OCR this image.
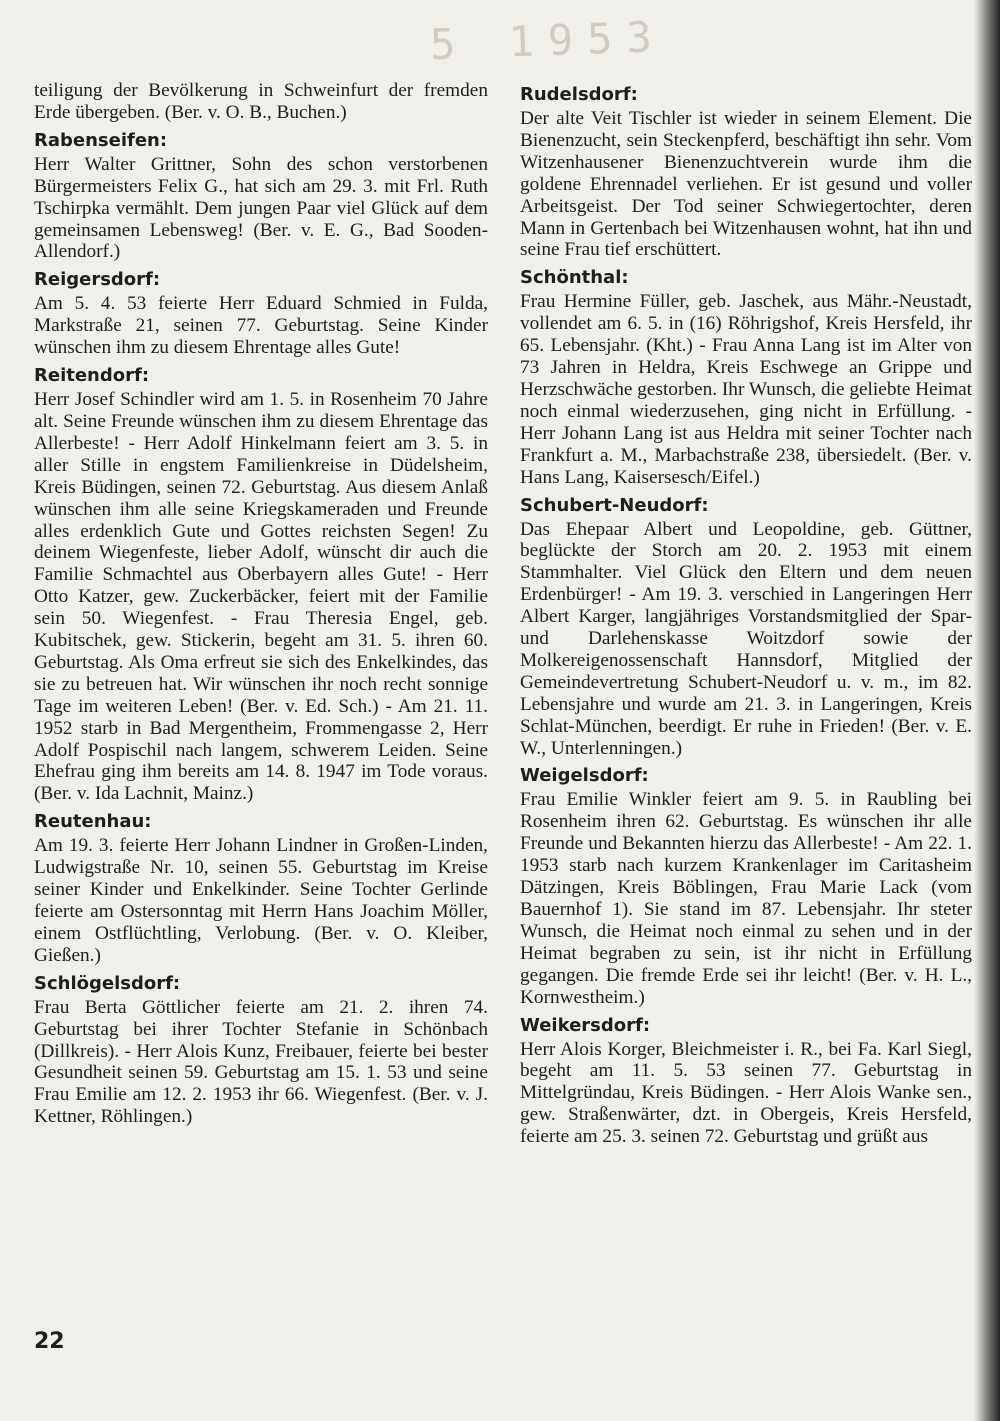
5 1953
teiligung der Bevölkerung in Schweinfurt der fremden Erde übergeben. (Ber. v. O. B., Buchen.)
Rabenseifen:
Herr Walter Grittner, Sohn des schon verstorbenen Bürgermeisters Felix G., hat sich am 29. 3. mit Frl. Ruth Tschirpka vermählt. Dem jungen Paar viel Glück auf dem gemeinsamen Lebensweg! (Ber. v. E. G., Bad Sooden-Allendorf.)
Reigersdorf:
Am 5. 4. 53 feierte Herr Eduard Schmied in Fulda, Markstraße 21, seinen 77. Geburtstag. Seine Kinder wünschen ihm zu diesem Ehrentage alles Gute!
Reitendorf:
Herr Josef Schindler wird am 1. 5. in Rosenheim 70 Jahre alt. Seine Freunde wünschen ihm zu diesem Ehrentage das Allerbeste! - Herr Adolf Hinkelmann feiert am 3. 5. in aller Stille in engstem Familienkreise in Düdelsheim, Kreis Büdingen, seinen 72. Geburtstag. Aus diesem Anlaß wünschen ihm alle seine Kriegskameraden und Freunde alles erdenklich Gute und Gottes reichsten Segen! Zu deinem Wiegenfeste, lieber Adolf, wünscht dir auch die Familie Schmachtel aus Oberbayern alles Gute! - Herr Otto Katzer, gew. Zuckerbäcker, feiert mit der Familie sein 50. Wiegenfest. - Frau Theresia Engel, geb. Kubitschek, gew. Stickerin, begeht am 31. 5. ihren 60. Geburtstag. Als Oma erfreut sie sich des Enkelkindes, das sie zu betreuen hat. Wir wünschen ihr noch recht sonnige Tage im weiteren Leben! (Ber. v. Ed. Sch.) - Am 21. 11. 1952 starb in Bad Mergentheim, Frommengasse 2, Herr Adolf Pospischil nach langem, schwerem Leiden. Seine Ehefrau ging ihm bereits am 14. 8. 1947 im Tode voraus. (Ber. v. Ida Lachnit, Mainz.)
Reutenhau:
Am 19. 3. feierte Herr Johann Lindner in Großen-Linden, Ludwigstraße Nr. 10, seinen 55. Geburtstag im Kreise seiner Kinder und Enkelkinder. Seine Tochter Gerlinde feierte am Ostersonntag mit Herrn Hans Joachim Möller, einem Ostflüchtling, Verlobung. (Ber. v. O. Kleiber, Gießen.)
Schlögelsdorf:
Frau Berta Göttlicher feierte am 21. 2. ihren 74. Geburtstag bei ihrer Tochter Stefanie in Schönbach (Dillkreis). - Herr Alois Kunz, Freibauer, feierte bei bester Gesundheit seinen 59. Geburtstag am 15. 1. 53 und seine Frau Emilie am 12. 2. 1953 ihr 66. Wiegenfest. (Ber. v. J. Kettner, Röhlingen.)
Rudelsdorf:
Der alte Veit Tischler ist wieder in seinem Element. Die Bienenzucht, sein Steckenpferd, beschäftigt ihn sehr. Vom Witzenhausener Bienenzuchtverein wurde ihm die goldene Ehrennadel verliehen. Er ist gesund und voller Arbeitsgeist. Der Tod seiner Schwiegertochter, deren Mann in Gertenbach bei Witzenhausen wohnt, hat ihn und seine Frau tief erschüttert.
Schönthal:
Frau Hermine Füller, geb. Jaschek, aus Mähr.-Neustadt, vollendet am 6. 5. in (16) Röhrigshof, Kreis Hersfeld, ihr 65. Lebensjahr. (Kht.) - Frau Anna Lang ist im Alter von 73 Jahren in Heldra, Kreis Eschwege an Grippe und Herzschwäche gestorben. Ihr Wunsch, die geliebte Heimat noch einmal wiederzusehen, ging nicht in Erfüllung. - Herr Johann Lang ist aus Heldra mit seiner Tochter nach Frankfurt a. M., Marbachstraße 238, übersiedelt. (Ber. v. Hans Lang, Kaisersesch/Eifel.)
Schubert-Neudorf:
Das Ehepaar Albert und Leopoldine, geb. Güttner, beglückte der Storch am 20. 2. 1953 mit einem Stammhalter. Viel Glück den Eltern und dem neuen Erdenbürger! - Am 19. 3. verschied in Langeringen Herr Albert Karger, langjähriges Vorstandsmitglied der Spar- und Darlehenskasse Woitzdorf sowie der Molkereigenossenschaft Hannsdorf, Mitglied der Gemeindevertretung Schubert-Neudorf u. v. m., im 82. Lebensjahre und wurde am 21. 3. in Langeringen, Kreis Schlat-München, beerdigt. Er ruhe in Frieden! (Ber. v. E. W., Unterlenningen.)
Weigelsdorf:
Frau Emilie Winkler feiert am 9. 5. in Raubling bei Rosenheim ihren 62. Geburtstag. Es wünschen ihr alle Freunde und Bekannten hierzu das Allerbeste! - Am 22. 1. 1953 starb nach kurzem Krankenlager im Caritasheim Dätzingen, Kreis Böblingen, Frau Marie Lack (vom Bauernhof 1). Sie stand im 87. Lebensjahr. Ihr steter Wunsch, die Heimat noch einmal zu sehen und in der Heimat begraben zu sein, ist ihr nicht in Erfüllung gegangen. Die fremde Erde sei ihr leicht! (Ber. v. H. L., Kornwestheim.)
Weikersdorf:
Herr Alois Korger, Bleichmeister i. R., bei Fa. Karl Siegl, begeht am 11. 5. 53 seinen 77. Geburtstag in Mittelgründau, Kreis Büdingen. - Herr Alois Wanke sen., gew. Straßenwärter, dzt. in Obergeis, Kreis Hersfeld, feierte am 25. 3. seinen 72. Geburtstag und grüßt aus
22
